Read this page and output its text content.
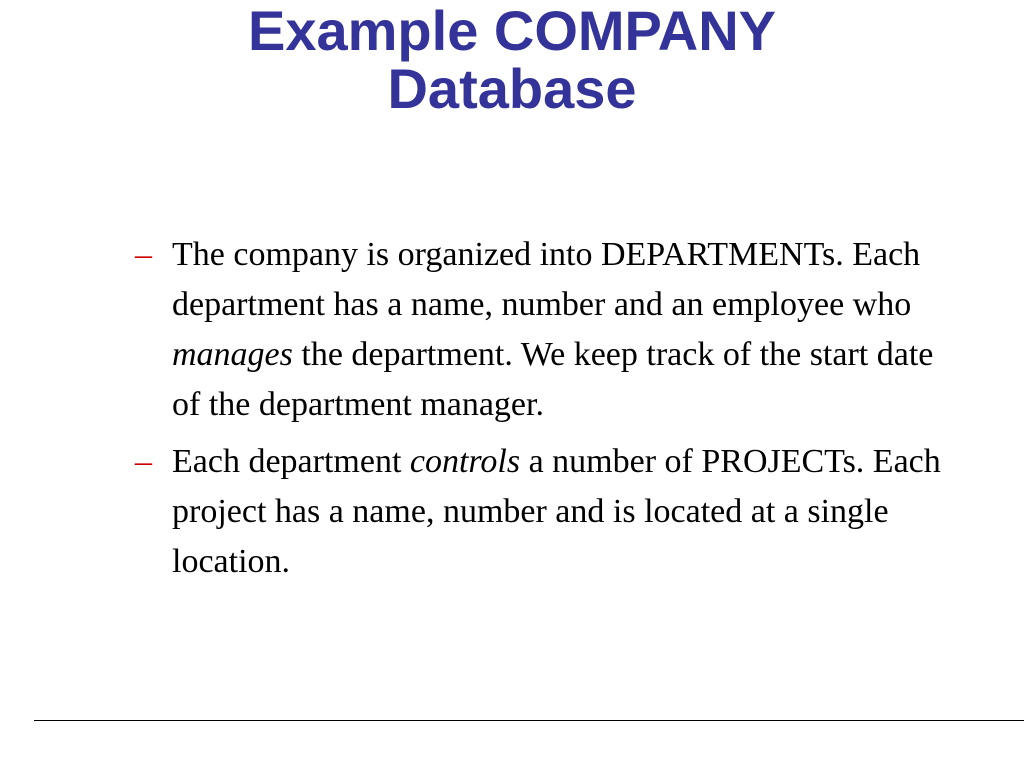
Example COMPANY
Database
– The company is organized into DEPARTMENTs. Each department has a name, number and an employee who manages the department. We keep track of the start date of the department manager.
– Each department controls a number of PROJECTs. Each project has a name, number and is located at a single location.
